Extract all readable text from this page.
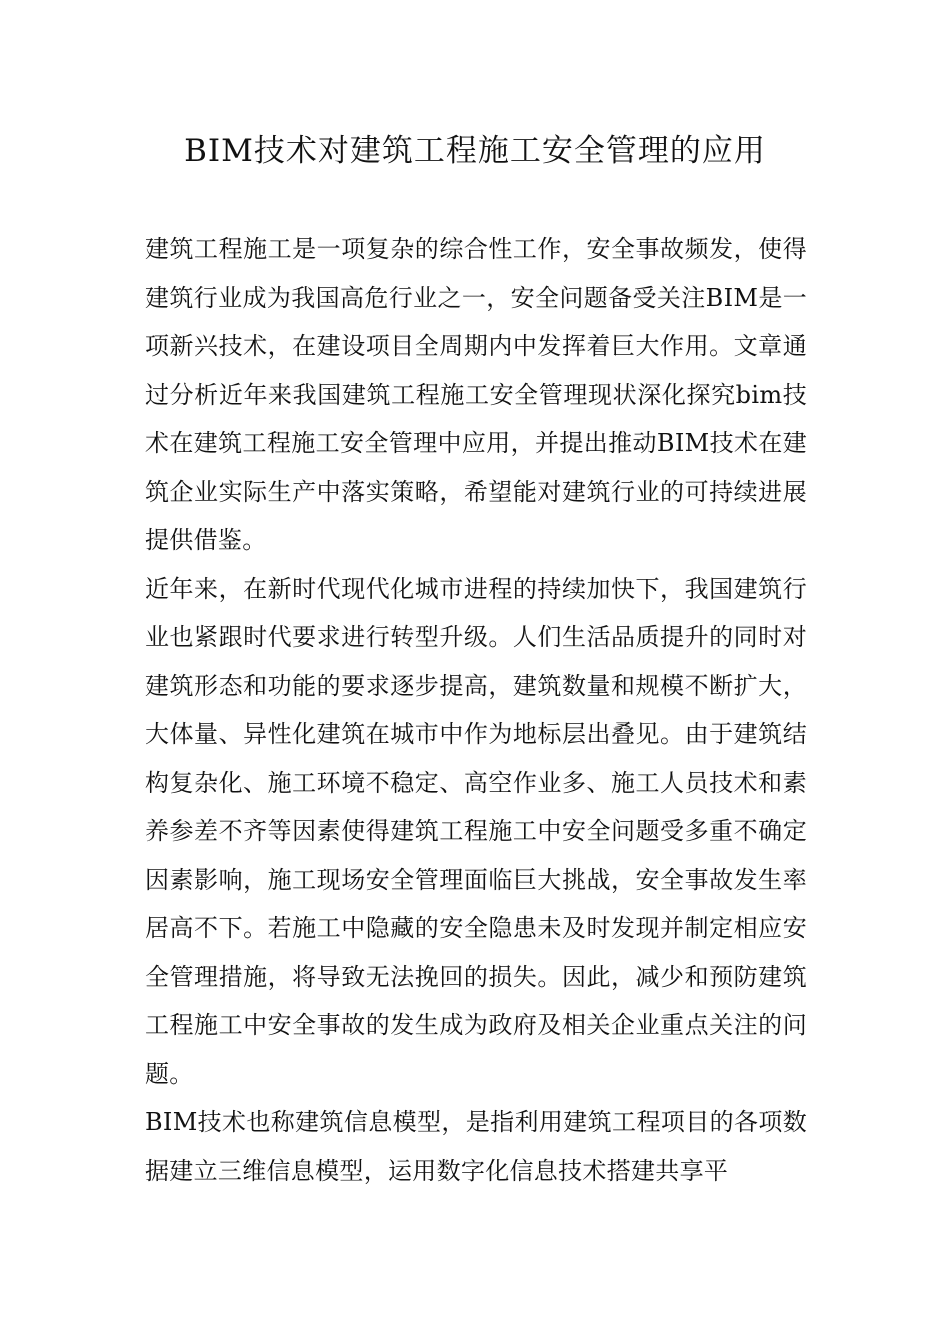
BIM技术对建筑工程施工安全管理的应用

建筑工程施工是一项复杂的综合性工作，安全事故频发，使得建筑行业成为我国高危行业之一，安全问题备受关注BIM是一项新兴技术，在建设项目全周期内中发挥着巨大作用。文章通过分析近年来我国建筑工程施工安全管理现状深化探究bim技术在建筑工程施工安全管理中应用，并提出推动BIM技术在建筑企业实际生产中落实策略，希望能对建筑行业的可持续进展提供借鉴。

近年来，在新时代现代化城市进程的持续加快下，我国建筑行业也紧跟时代要求进行转型升级。人们生活品质提升的同时对建筑形态和功能的要求逐步提高，建筑数量和规模不断扩大，大体量、异性化建筑在城市中作为地标层出叠见。由于建筑结构复杂化、施工环境不稳定、高空作业多、施工人员技术和素养参差不齐等因素使得建筑工程施工中安全问题受多重不确定因素影响，施工现场安全管理面临巨大挑战，安全事故发生率居高不下。若施工中隐藏的安全隐患未及时发现并制定相应安全管理措施，将导致无法挽回的损失。因此，减少和预防建筑工程施工中安全事故的发生成为政府及相关企业重点关注的问题。

BIM技术也称建筑信息模型，是指利用建筑工程项目的各项数据建立三维信息模型，运用数字化信息技术搭建共享平
